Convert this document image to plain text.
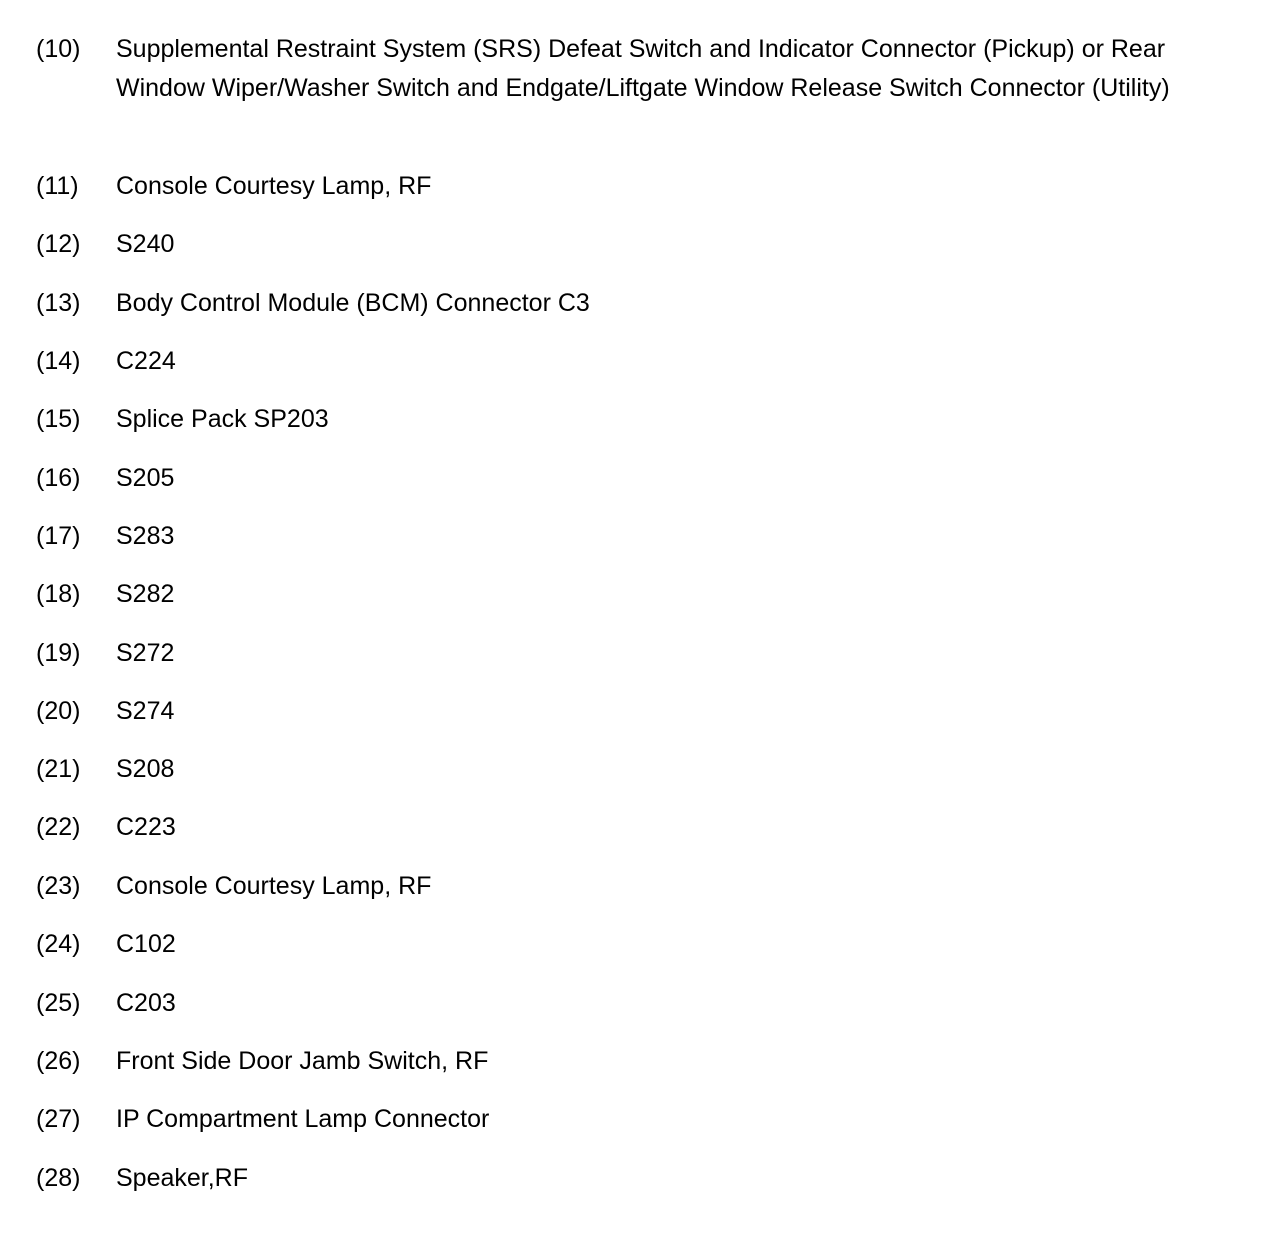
(10) Supplemental Restraint System (SRS) Defeat Switch and Indicator Connector (Pickup) or Rear Window Wiper/Washer Switch and Endgate/Liftgate Window Release Switch Connector (Utility)
(11) Console Courtesy Lamp, RF
(12) S240
(13) Body Control Module (BCM) Connector C3
(14) C224
(15) Splice Pack SP203
(16) S205
(17) S283
(18) S282
(19) S272
(20) S274
(21) S208
(22) C223
(23) Console Courtesy Lamp, RF
(24) C102
(25) C203
(26) Front Side Door Jamb Switch, RF
(27) IP Compartment Lamp Connector
(28) Speaker,RF
